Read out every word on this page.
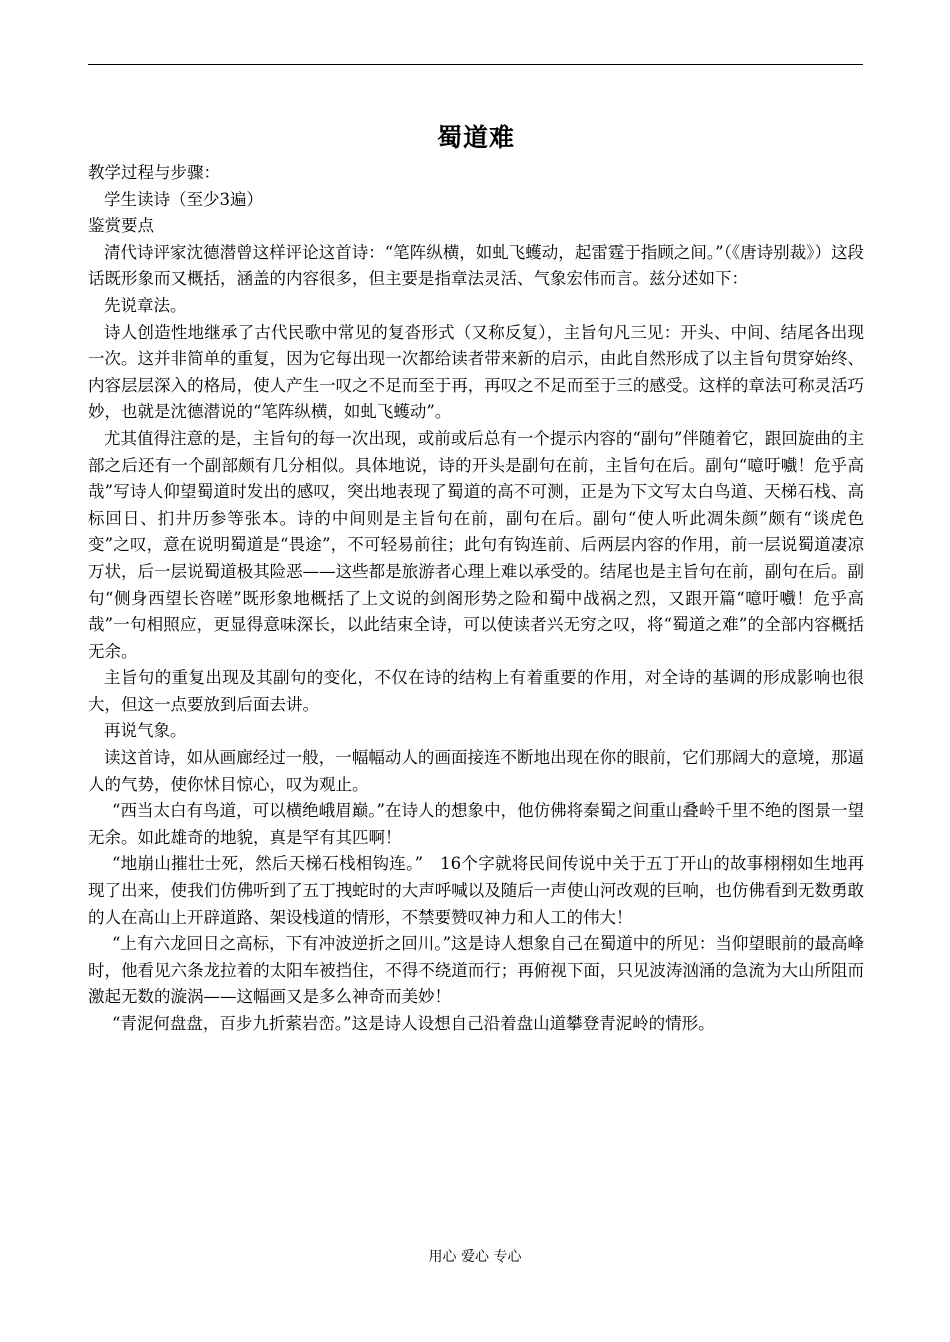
蜀道难

教学过程与步骤：

学生读诗（至少3遍）

鉴赏要点

清代诗评家沈德潜曾这样评论这首诗：“笔阵纵横，如虬飞蠖动，起雷霆于指顾之间。”（《唐诗别裁》）这段话既形象而又概括，涵盖的内容很多，但主要是指章法灵活、气象宏伟而言。兹分述如下：

先说章法。

诗人创造性地继承了古代民歌中常见的复沓形式（又称反复），主旨句凡三见：开头、中间、结尾各出现一次。这并非简单的重复，因为它每出现一次都给读者带来新的启示，由此自然形成了以主旨句贯穿始终、内容层层深入的格局，使人产生一叹之不足而至于再，再叹之不足而至于三的感受。这样的章法可称灵活巧妙，也就是沈德潜说的“笔阵纵横，如虬飞蠖动”。

尤其值得注意的是，主旨句的每一次出现，或前或后总有一个提示内容的“副句”伴随着它，跟回旋曲的主部之后还有一个副部颇有几分相似。具体地说，诗的开头是副句在前，主旨句在后。副句“噫吁嚱！危乎高哉”写诗人仰望蜀道时发出的感叹，突出地表现了蜀道的高不可测，正是为下文写太白鸟道、天梯石栈、高标回日、扪井历参等张本。诗的中间则是主旨句在前，副句在后。副句“使人听此凋朱颜”颇有“谈虎色变”之叹，意在说明蜀道是“畏途”，不可轻易前往；此句有钩连前、后两层内容的作用，前一层说蜀道凄凉万状，后一层说蜀道极其险恶——这些都是旅游者心理上难以承受的。结尾也是主旨句在前，副句在后。副句“侧身西望长咨嗟”既形象地概括了上文说的剑阁形势之险和蜀中战祸之烈，又跟开篇“噫吁嚱！危乎高哉”一句相照应，更显得意味深长，以此结束全诗，可以使读者兴无穷之叹，将“蜀道之难”的全部内容概括无余。

主旨句的重复出现及其副句的变化，不仅在诗的结构上有着重要的作用，对全诗的基调的形成影响也很大，但这一点要放到后面去讲。

再说气象。

读这首诗，如从画廊经过一般，一幅幅动人的画面接连不断地出现在你的眼前，它们那阔大的意境，那逼人的气势，使你怵目惊心，叹为观止。

“西当太白有鸟道，可以横绝峨眉巅。”在诗人的想象中，他仿佛将秦蜀之间重山叠岭千里不绝的图景一望无余。如此雄奇的地貌，真是罕有其匹啊！

“地崩山摧壮士死，然后天梯石栈相钩连。”　16个字就将民间传说中关于五丁开山的故事栩栩如生地再现了出来，使我们仿佛听到了五丁拽蛇时的大声呼喊以及随后一声使山河改观的巨响，也仿佛看到无数勇敢的人在高山上开辟道路、架设栈道的情形，不禁要赞叹神力和人工的伟大！

“上有六龙回日之高标，下有冲波逆折之回川。”这是诗人想象自己在蜀道中的所见：当仰望眼前的最高峰时，他看见六条龙拉着的太阳车被挡住，不得不绕道而行；再俯视下面，只见波涛汹涌的急流为大山所阻而激起无数的漩涡——这幅画又是多么神奇而美妙！

“青泥何盘盘，百步九折萦岩峦。”这是诗人设想自己沿着盘山道攀登青泥岭的情形。

用心 爱心 专心
